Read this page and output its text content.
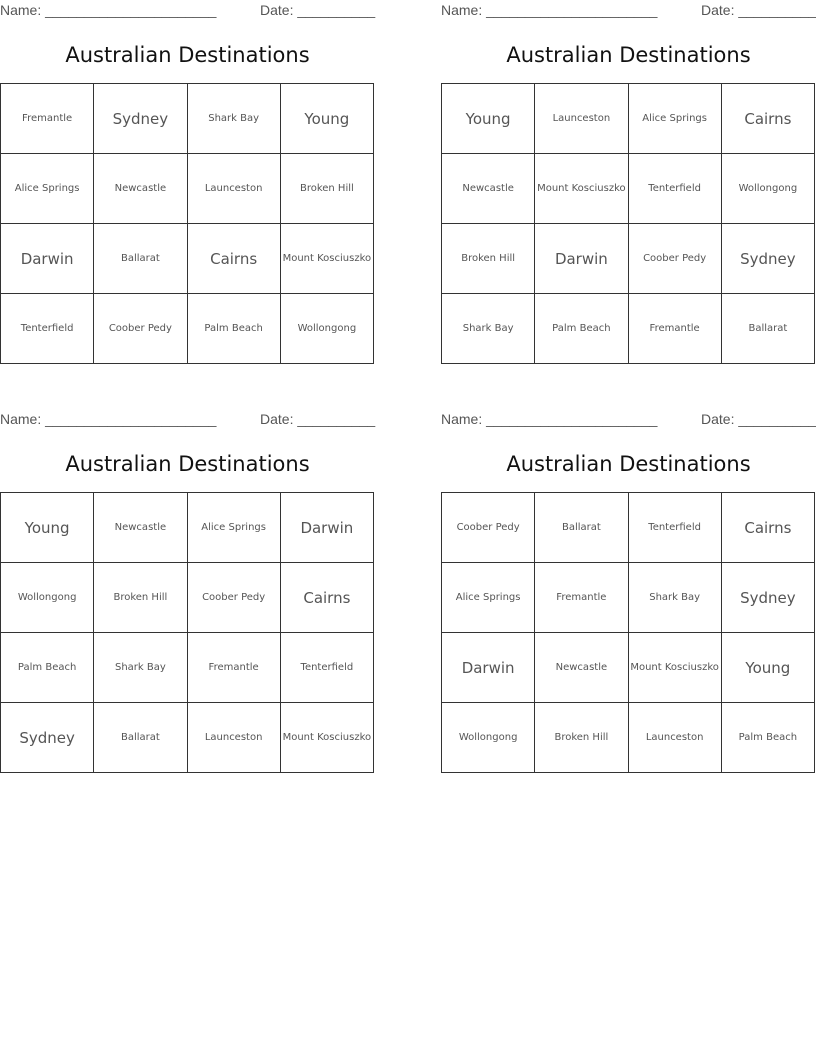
Name: ______________________	Date: __________
Australian Destinations
Fremantle	Sydney	Shark Bay	Young
Alice Springs	Newcastle	Launceston	Broken Hill
Darwin	Ballarat	Cairns	Mount Kosciuszko
Tenterfield	Coober Pedy	Palm Beach	Wollongong
Name: ______________________	Date: __________
Australian Destinations
Young	Launceston	Alice Springs	Cairns
Newcastle	Mount Kosciuszko	Tenterfield	Wollongong
Broken Hill	Darwin	Coober Pedy	Sydney
Shark Bay	Palm Beach	Fremantle	Ballarat
Name: ______________________	Date: __________
Australian Destinations
Young	Newcastle	Alice Springs	Darwin
Wollongong	Broken Hill	Coober Pedy	Cairns
Palm Beach	Shark Bay	Fremantle	Tenterfield
Sydney	Ballarat	Launceston	Mount Kosciuszko
Name: ______________________	Date: __________
Australian Destinations
Coober Pedy	Ballarat	Tenterfield	Cairns
Alice Springs	Fremantle	Shark Bay	Sydney
Darwin	Newcastle	Mount Kosciuszko	Young
Wollongong	Broken Hill	Launceston	Palm Beach
